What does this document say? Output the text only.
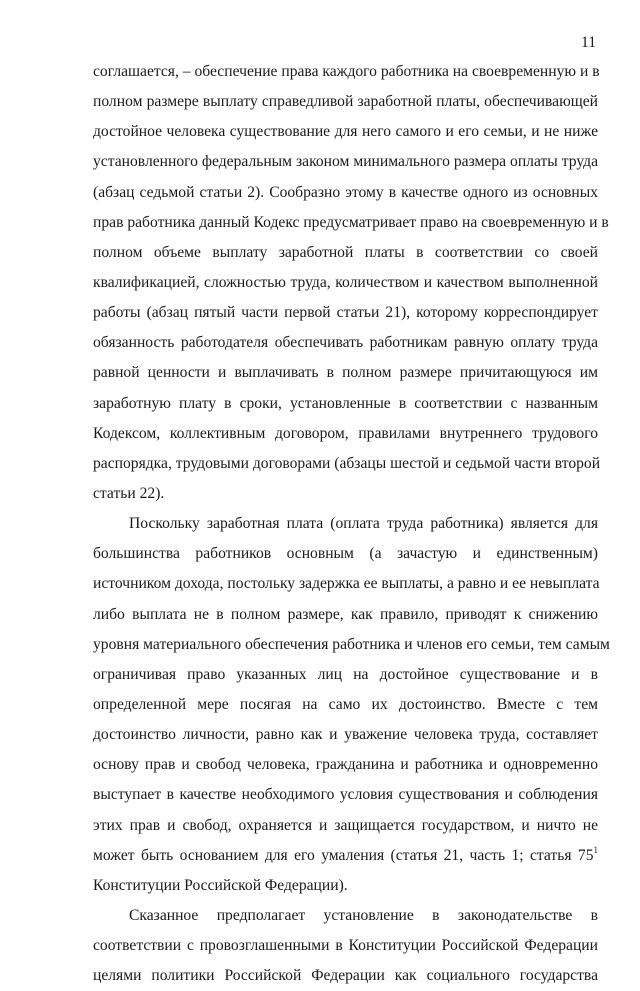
11

соглашается, – обеспечение права каждого работника на своевременную и в
полном размере выплату справедливой заработной платы, обеспечивающей
достойное человека существование для него самого и его семьи, и не ниже
установленного федеральным законом минимального размера оплаты труда
(абзац седьмой статьи 2). Сообразно этому в качестве одного из основных
прав работника данный Кодекс предусматривает право на своевременную и в
полном объеме выплату заработной платы в соответствии со своей
квалификацией, сложностью труда, количеством и качеством выполненной
работы (абзац пятый части первой статьи 21), которому корреспондирует
обязанность работодателя обеспечивать работникам равную оплату труда
равной ценности и выплачивать в полном размере причитающуюся им
заработную плату в сроки, установленные в соответствии с названным
Кодексом, коллективным договором, правилами внутреннего трудового
распорядка, трудовыми договорами (абзацы шестой и седьмой части второй
статьи 22).

Поскольку заработная плата (оплата труда работника) является для
большинства работников основным (а зачастую и единственным)
источником дохода, постольку задержка ее выплаты, а равно и ее невыплата
либо выплата не в полном размере, как правило, приводят к снижению
уровня материального обеспечения работника и членов его семьи, тем самым
ограничивая право указанных лиц на достойное существование и в
определенной мере посягая на само их достоинство. Вместе с тем
достоинство личности, равно как и уважение человека труда, составляет
основу прав и свобод человека, гражданина и работника и одновременно
выступает в качестве необходимого условия существования и соблюдения
этих прав и свобод, охраняется и защищается государством, и ничто не
может быть основанием для его умаления (статья 21, часть 1; статья $75^1$
Конституции Российской Федерации).

Сказанное предполагает установление в законодательстве в
соответствии с провозглашенными в Конституции Российской Федерации
целями политики Российской Федерации как социального государства
